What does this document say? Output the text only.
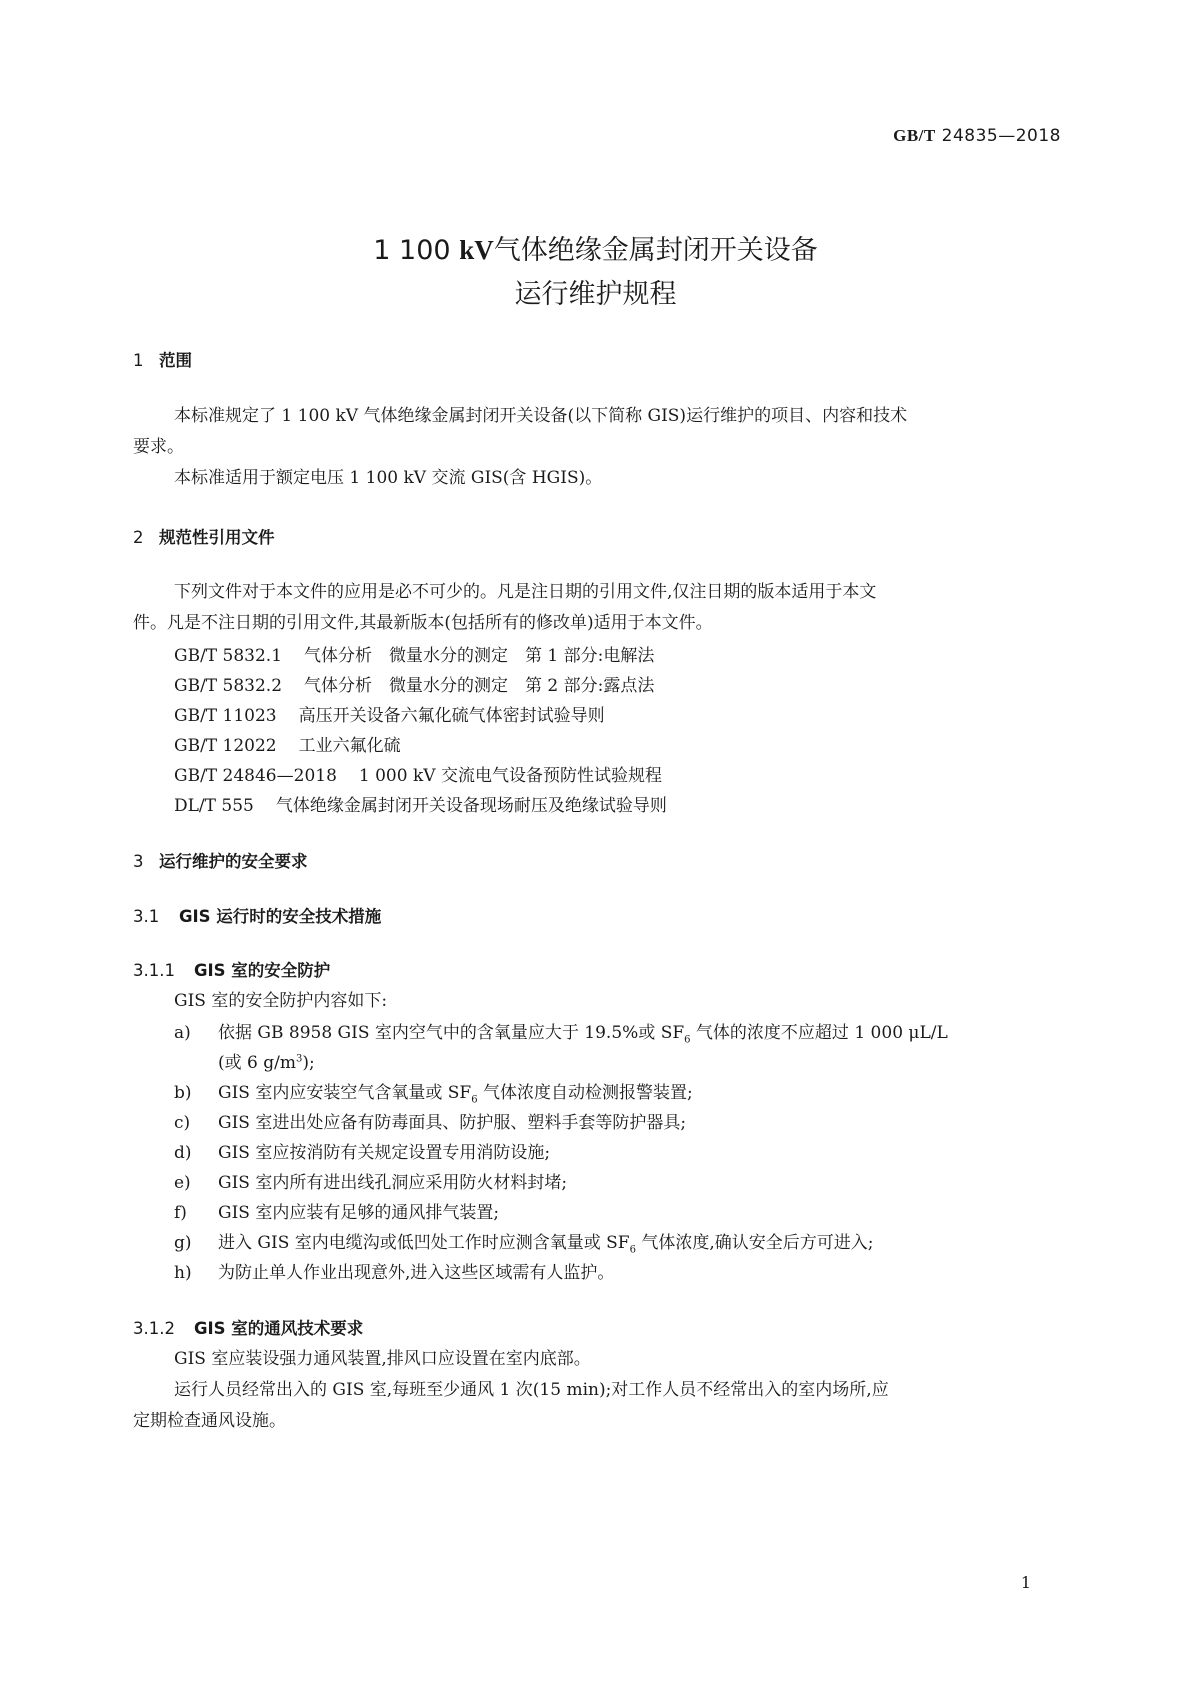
GB/T 24835—2018
1 100 kV气体绝缘金属封闭开关设备
运行维护规程
1 范围
本标准规定了 1 100 kV 气体绝缘金属封闭开关设备(以下简称 GIS)运行维护的项目、内容和技术
要求。
本标准适用于额定电压 1 100 kV 交流 GIS(含 HGIS)。
2 规范性引用文件
下列文件对于本文件的应用是必不可少的。凡是注日期的引用文件,仅注日期的版本适用于本文
件。凡是不注日期的引用文件,其最新版本(包括所有的修改单)适用于本文件。
GB/T 5832.1 气体分析　微量水分的测定　第 1 部分:电解法
GB/T 5832.2 气体分析　微量水分的测定　第 2 部分:露点法
GB/T 11023 高压开关设备六氟化硫气体密封试验导则
GB/T 12022 工业六氟化硫
GB/T 24846—2018 1 000 kV 交流电气设备预防性试验规程
DL/T 555 气体绝缘金属封闭开关设备现场耐压及绝缘试验导则
3 运行维护的安全要求
3.1 GIS 运行时的安全技术措施
3.1.1 GIS 室的安全防护
GIS 室的安全防护内容如下:
a) 依据 GB 8958 GIS 室内空气中的含氧量应大于 19.5%或 $SF_6$ 气体的浓度不应超过 1 000 μL/L
(或 6 $g/m^3$);
b) GIS 室内应安装空气含氧量或 $SF_6$ 气体浓度自动检测报警装置;
c) GIS 室进出处应备有防毒面具、防护服、塑料手套等防护器具;
d) GIS 室应按消防有关规定设置专用消防设施;
e) GIS 室内所有进出线孔洞应采用防火材料封堵;
f) GIS 室内应装有足够的通风排气装置;
g) 进入 GIS 室内电缆沟或低凹处工作时应测含氧量或 $SF_6$ 气体浓度,确认安全后方可进入;
h) 为防止单人作业出现意外,进入这些区域需有人监护。
3.1.2 GIS 室的通风技术要求
GIS 室应装设强力通风装置,排风口应设置在室内底部。
运行人员经常出入的 GIS 室,每班至少通风 1 次(15 min);对工作人员不经常出入的室内场所,应
定期检查通风设施。
1
